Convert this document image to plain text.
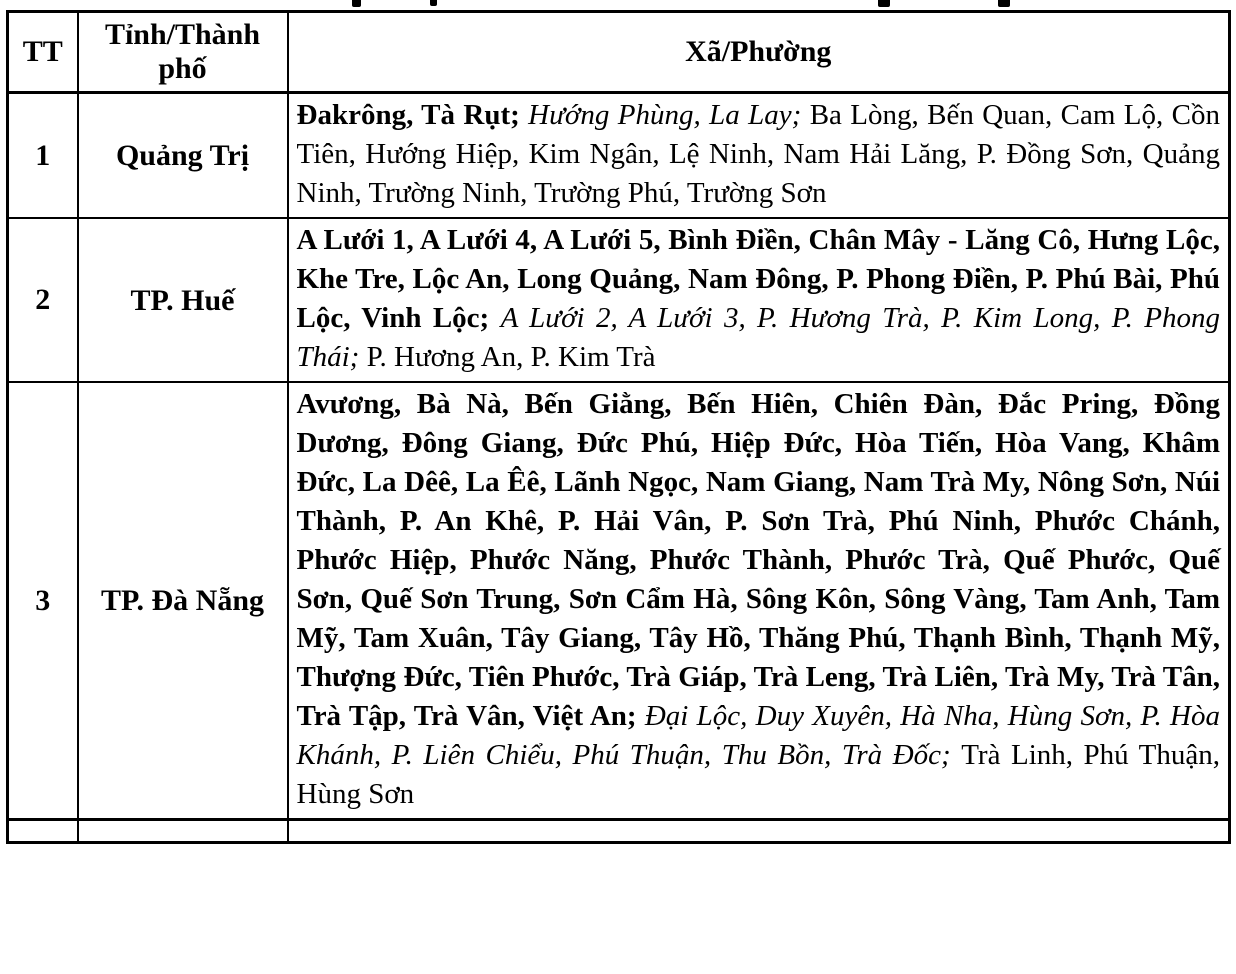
TT	Tỉnh/Thành phố	Xã/Phường
1	Quảng Trị	Đakrông, Tà Rụt; Hướng Phùng, La Lay; Ba Lòng, Bến Quan, Cam Lộ, Cồn Tiên, Hướng Hiệp, Kim Ngân, Lệ Ninh, Nam Hải Lăng, P. Đồng Sơn, Quảng Ninh, Trường Ninh, Trường Phú, Trường Sơn
2	TP. Huế	A Lưới 1, A Lưới 4, A Lưới 5, Bình Điền, Chân Mây - Lăng Cô, Hưng Lộc, Khe Tre, Lộc An, Long Quảng, Nam Đông, P. Phong Điền, P. Phú Bài, Phú Lộc, Vinh Lộc; A Lưới 2, A Lưới 3, P. Hương Trà, P. Kim Long, P. Phong Thái; P. Hương An, P. Kim Trà
3	TP. Đà Nẵng	Avương, Bà Nà, Bến Giằng, Bến Hiên, Chiên Đàn, Đắc Pring, Đồng Dương, Đông Giang, Đức Phú, Hiệp Đức, Hòa Tiến, Hòa Vang, Khâm Đức, La Dêê, La Êê, Lãnh Ngọc, Nam Giang, Nam Trà My, Nông Sơn, Núi Thành, P. An Khê, P. Hải Vân, P. Sơn Trà, Phú Ninh, Phước Chánh, Phước Hiệp, Phước Năng, Phước Thành, Phước Trà, Quế Phước, Quế Sơn, Quế Sơn Trung, Sơn Cẩm Hà, Sông Kôn, Sông Vàng, Tam Anh, Tam Mỹ, Tam Xuân, Tây Giang, Tây Hồ, Thăng Phú, Thạnh Bình, Thạnh Mỹ, Thượng Đức, Tiên Phước, Trà Giáp, Trà Leng, Trà Liên, Trà My, Trà Tân, Trà Tập, Trà Vân, Việt An; Đại Lộc, Duy Xuyên, Hà Nha, Hùng Sơn, P. Hòa Khánh, P. Liên Chiểu, Phú Thuận, Thu Bồn, Trà Đốc; Trà Linh, Phú Thuận, Hùng Sơn
